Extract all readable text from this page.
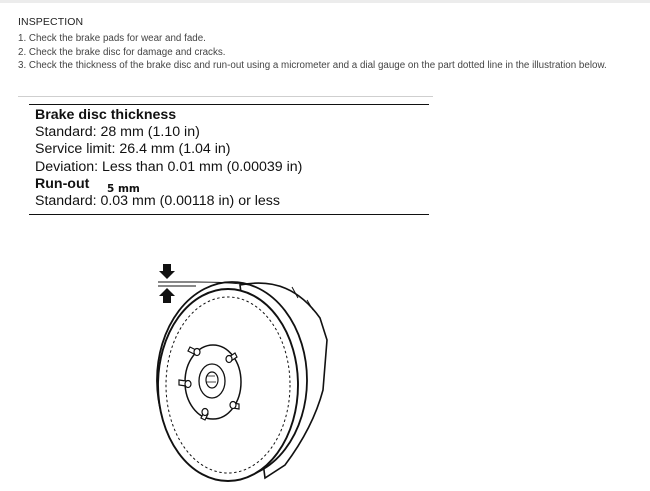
INSPECTION
1. Check the brake pads for wear and fade.
2. Check the brake disc for damage and cracks.
3. Check the thickness of the brake disc and run-out using a micrometer and a dial gauge on the part dotted line in the illustration below.
Brake disc thickness
Standard: 28 mm (1.10 in)
Service limit: 26.4 mm (1.04 in)
Deviation: Less than 0.01 mm (0.00039 in)
Run-out
Standard: 0.03 mm (0.00118 in) or less
5 mm
